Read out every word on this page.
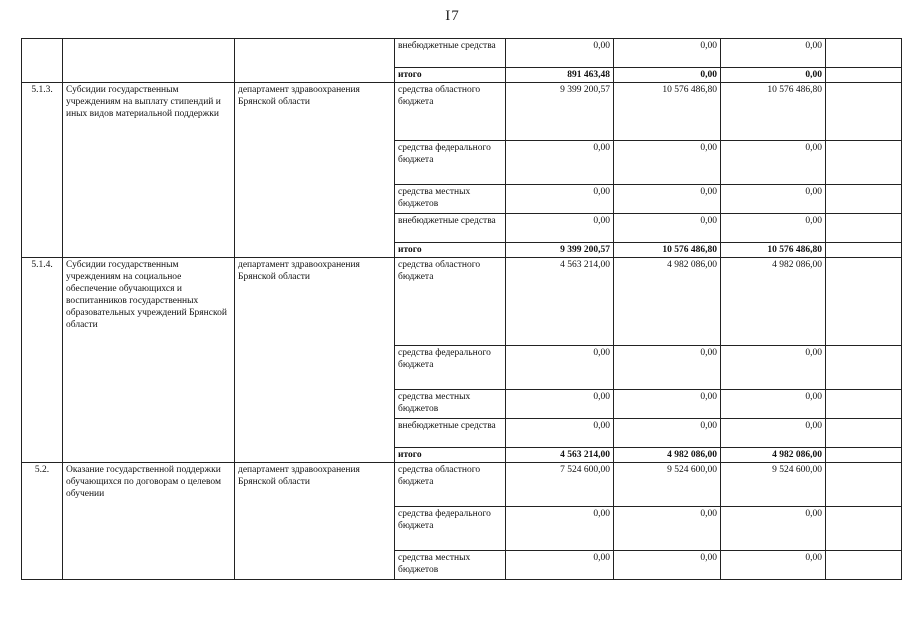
I7
			внебюджетные средства	0,00	0,00	0,00	
			итого	891 463,48	0,00	0,00	
5.1.3.	Субсидии государственным учреждениям на выплату стипендий и иных видов материальной поддержки	департамент здравоохранения Брянской области	средства областного бюджета	9 399 200,57	10 576 486,80	10 576 486,80	
			средства федерального бюджета	0,00	0,00	0,00	
			средства местных бюджетов	0,00	0,00	0,00	
			внебюджетные средства	0,00	0,00	0,00	
			итого	9 399 200,57	10 576 486,80	10 576 486,80	
5.1.4.	Субсидии государственным учреждениям на социальное обеспечение обучающихся и воспитанников государственных образовательных учреждений Брянской области	департамент здравоохранения Брянской области	средства областного бюджета	4 563 214,00	4 982 086,00	4 982 086,00	
			средства федерального бюджета	0,00	0,00	0,00	
			средства местных бюджетов	0,00	0,00	0,00	
			внебюджетные средства	0,00	0,00	0,00	
			итого	4 563 214,00	4 982 086,00	4 982 086,00	
5.2.	Оказание государственной поддержки обучающихся по договорам о целевом обучении	департамент здравоохранения Брянской области	средства областного бюджета	7 524 600,00	9 524 600,00	9 524 600,00	
			средства федерального бюджета	0,00	0,00	0,00	
			средства местных бюджетов	0,00	0,00	0,00	
